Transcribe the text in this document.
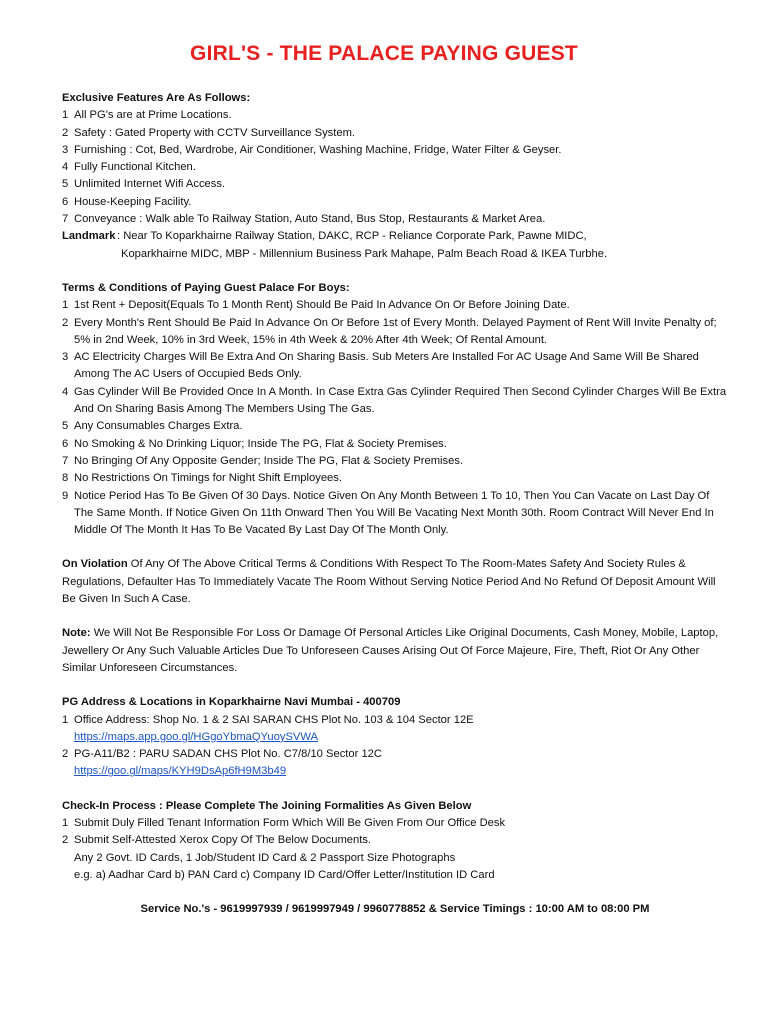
GIRL'S - THE PALACE PAYING GUEST

Exclusive Features Are As Follows:

1 All PG's are at Prime Locations.
2 Safety : Gated Property with CCTV Surveillance System.
3 Furnishing : Cot, Bed, Wardrobe, Air Conditioner, Washing Machine, Fridge, Water Filter & Geyser.
4 Fully Functional Kitchen.
5 Unlimited Internet Wifi Access.
6 House-Keeping Facility.
7 Conveyance : Walk able To Railway Station, Auto Stand, Bus Stop, Restaurants & Market Area.
Landmark : Near To Koparkhairne Railway Station, DAKC, RCP - Reliance Corporate Park, Pawne MIDC,
Koparkhairne MIDC, MBP - Millennium Business Park Mahape, Palm Beach Road & IKEA Turbhe.

Terms & Conditions of Paying Guest Palace For Boys:

1 1st Rent + Deposit(Equals To 1 Month Rent) Should Be Paid In Advance On Or Before Joining Date.
2 Every Month's Rent Should Be Paid In Advance On Or Before 1st of Every Month. Delayed Payment of Rent Will Invite Penalty of; 5% in 2nd Week, 10% in 3rd Week, 15% in 4th Week & 20% After 4th Week; Of Rental Amount.
3 AC Electricity Charges Will Be Extra And On Sharing Basis. Sub Meters Are Installed For AC Usage And Same Will Be Shared Among The AC Users of Occupied Beds Only.
4 Gas Cylinder Will Be Provided Once In A Month. In Case Extra Gas Cylinder Required Then Second Cylinder Charges Will Be Extra And On Sharing Basis Among The Members Using The Gas.
5 Any Consumables Charges Extra.
6 No Smoking & No Drinking Liquor; Inside The PG, Flat & Society Premises.
7 No Bringing Of Any Opposite Gender; Inside The PG, Flat & Society Premises.
8 No Restrictions On Timings for Night Shift Employees.
9 Notice Period Has To Be Given Of 30 Days. Notice Given On Any Month Between 1 To 10, Then You Can Vacate on Last Day Of The Same Month. If Notice Given On 11th Onward Then You Will Be Vacating Next Month 30th. Room Contract Will Never End In Middle Of The Month It Has To Be Vacated By Last Day Of The Month Only.

On Violation Of Any Of The Above Critical Terms & Conditions With Respect To The Room-Mates Safety And Society Rules & Regulations, Defaulter Has To Immediately Vacate The Room Without Serving Notice Period And No Refund Of Deposit Amount Will Be Given In Such A Case.

Note: We Will Not Be Responsible For Loss Or Damage Of Personal Articles Like Original Documents, Cash Money, Mobile, Laptop, Jewellery Or Any Such Valuable Articles Due To Unforeseen Causes Arising Out Of Force Majeure, Fire, Theft, Riot Or Any Other Similar Unforeseen Circumstances.

PG Address & Locations in Koparkhairne Navi Mumbai - 400709

1 Office Address: Shop No. 1 & 2 SAI SARAN CHS Plot No. 103 & 104 Sector 12E
https://maps.app.goo.gl/HGgoYbmaQYuoySVWA
2 PG-A11/B2 : PARU SADAN CHS Plot No. C7/8/10 Sector 12C
https://goo.gl/maps/KYH9DsAp6fH9M3b49

Check-In Process : Please Complete The Joining Formalities As Given Below

1 Submit Duly Filled Tenant Information Form Which Will Be Given From Our Office Desk
2 Submit Self-Attested Xerox Copy Of The Below Documents.

Any 2 Govt. ID Cards, 1 Job/Student ID Card & 2 Passport Size Photographs

e.g. a) Aadhar Card b) PAN Card c) Company ID Card/Offer Letter/Institution ID Card

Service No.'s - 9619997939 / 9619997949 / 9960778852 & Service Timings : 10:00 AM to 08:00 PM
